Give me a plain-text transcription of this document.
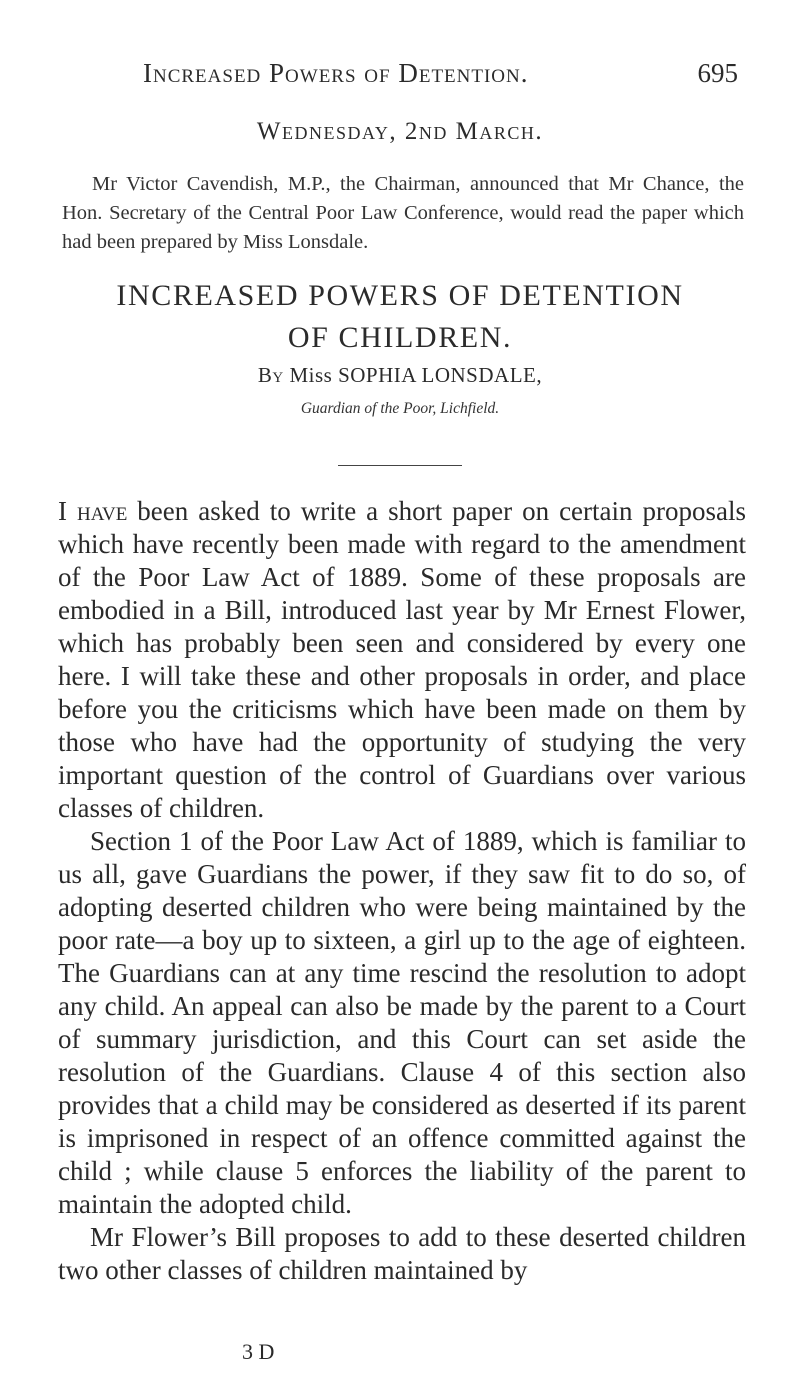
Increased Powers of Detention.	695
Wednesday, 2nd March.

Mr Victor Cavendish, M.P., the Chairman, announced that Mr Chance, the Hon. Secretary of the Central Poor Law Conference, would read the paper which had been prepared by Miss Lonsdale.

INCREASED POWERS OF DETENTION
OF CHILDREN.
By Miss SOPHIA LONSDALE,
Guardian of the Poor, Lichfield.

I have been asked to write a short paper on certain proposals which have recently been made with regard to the amendment of the Poor Law Act of 1889. Some of these proposals are embodied in a Bill, introduced last year by Mr Ernest Flower, which has probably been seen and considered by every one here. I will take these and other proposals in order, and place before you the criticisms which have been made on them by those who have had the opportunity of studying the very important question of the control of Guardians over various classes of children.

Section 1 of the Poor Law Act of 1889, which is familiar to us all, gave Guardians the power, if they saw fit to do so, of adopting deserted children who were being maintained by the poor rate—a boy up to sixteen, a girl up to the age of eighteen. The Guardians can at any time rescind the resolution to adopt any child. An appeal can also be made by the parent to a Court of summary jurisdiction, and this Court can set aside the resolution of the Guardians. Clause 4 of this section also provides that a child may be considered as deserted if its parent is imprisoned in respect of an offence committed against the child ; while clause 5 enforces the liability of the parent to maintain the adopted child.

Mr Flower’s Bill proposes to add to these deserted children two other classes of children maintained by

3 D
